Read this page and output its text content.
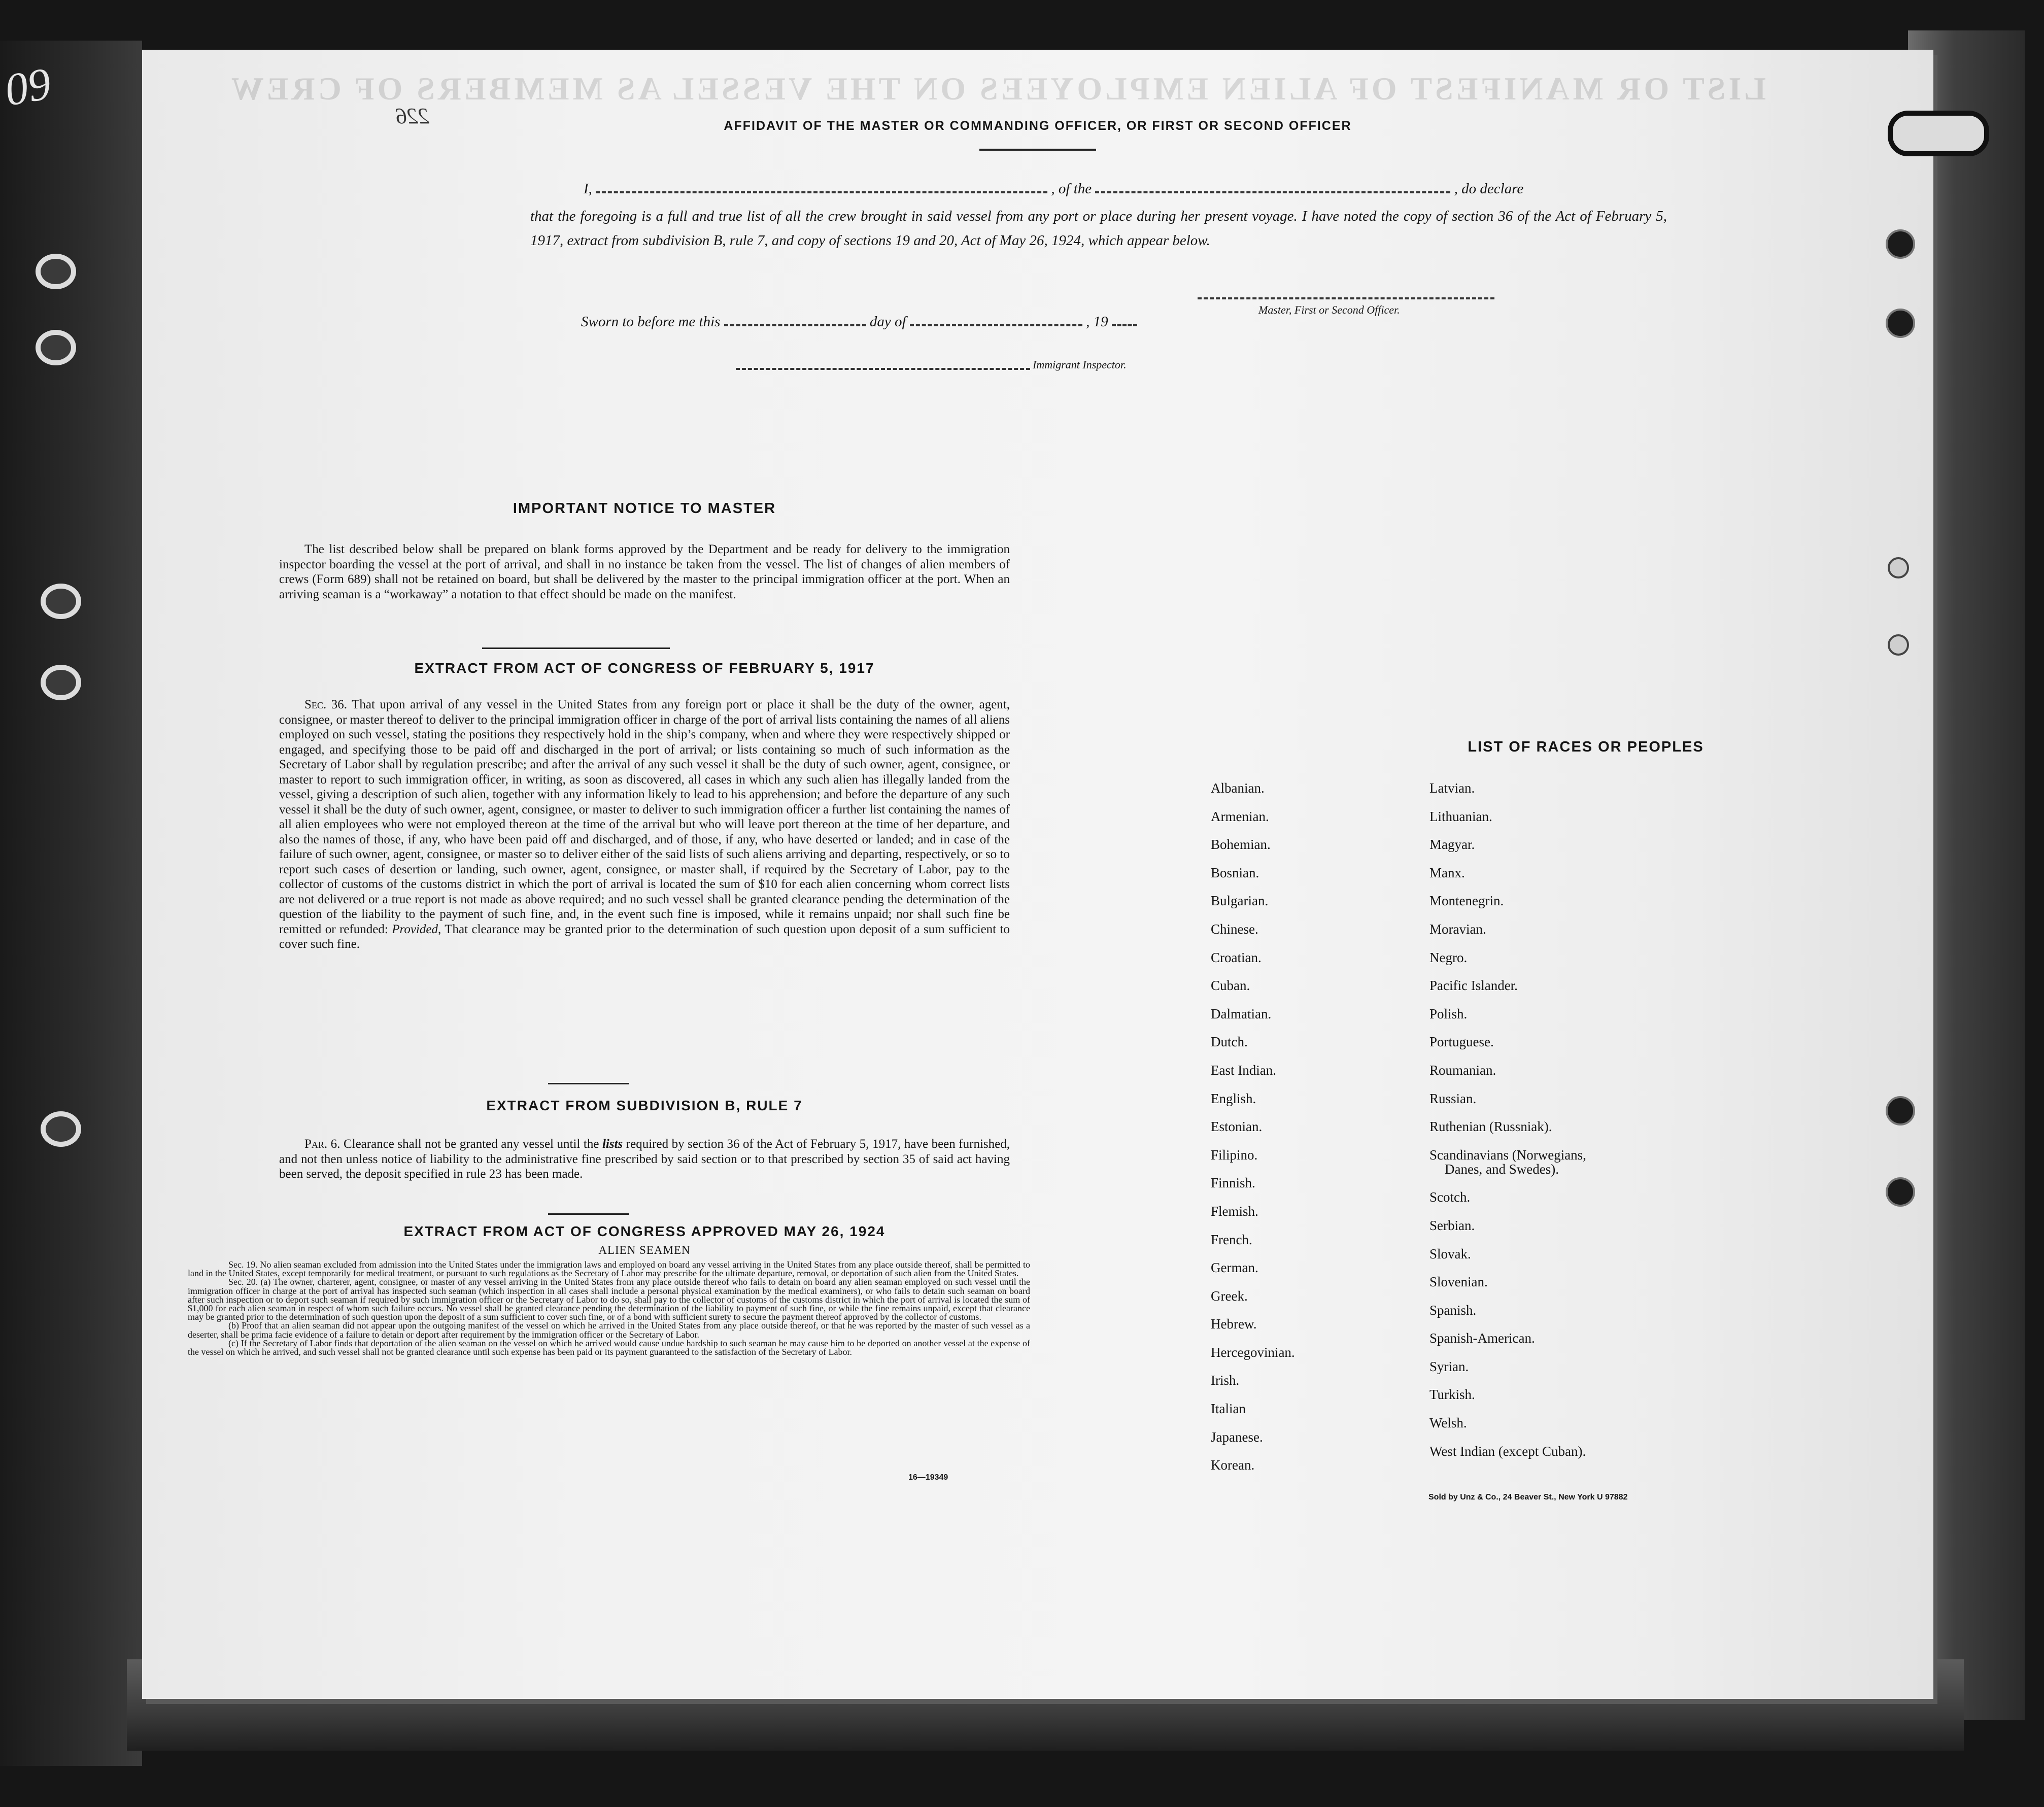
09	LIST OR MANIFEST OF ALIEN EMPLOYEES ON THE VESSEL AS MEMBERS OF CREW
226	AFFIDAVIT OF THE MASTER OR COMMANDING OFFICER, OR FIRST OR SECOND OFFICER
I,	, of the	, do declare
that the foregoing is a full and true list of all the crew brought in said vessel from any port or place during her present voyage. I have noted the copy of section 36 of the Act of February 5, 1917, extract from subdivision B, rule 7, and copy of sections 19 and 20, Act of May 26, 1924, which appear below.
Master, First or Second Officer.
Sworn to before me this	day of	, 19
Immigrant Inspector.
IMPORTANT NOTICE TO MASTER
The list described below shall be prepared on blank forms approved by the Department and be ready for delivery to the immigration inspector boarding the vessel at the port of arrival, and shall in no instance be taken from the vessel. The list of changes of alien members of crews (Form 689) shall not be retained on board, but shall be delivered by the master to the principal immigration officer at the port. When an arriving seaman is a “workaway” a notation to that effect should be made on the manifest.
EXTRACT FROM ACT OF CONGRESS OF FEBRUARY 5, 1917
Sec. 36. That upon arrival of any vessel in the United States from any foreign port or place it shall be the duty of the owner, agent, consignee, or master thereof to deliver to the principal immigration officer in charge of the port of arrival lists containing the names of all aliens employed on such vessel, stating the positions they respectively hold in the ship’s company, when and where they were respectively shipped or engaged, and specifying those to be paid off and discharged in the port of arrival; or lists containing so much of such information as the Secretary of Labor shall by regulation prescribe; and after the arrival of any such vessel it shall be the duty of such owner, agent, consignee, or master to report to such immigration officer, in writing, as soon as discovered, all cases in which any such alien has illegally landed from the vessel, giving a description of such alien, together with any information likely to lead to his apprehension; and before the departure of any such vessel it shall be the duty of such owner, agent, consignee, or master to deliver to such immigration officer a further list containing the names of all alien employees who were not employed thereon at the time of the arrival but who will leave port thereon at the time of her departure, and also the names of those, if any, who have been paid off and discharged, and of those, if any, who have deserted or landed; and in case of the failure of such owner, agent, consignee, or master so to deliver either of the said lists of such aliens arriving and departing, respectively, or so to report such cases of desertion or landing, such owner, agent, consignee, or master shall, if required by the Secretary of Labor, pay to the collector of customs of the customs district in which the port of arrival is located the sum of $10 for each alien concerning whom correct lists are not delivered or a true report is not made as above required; and no such vessel shall be granted clearance pending the determination of the question of the liability to the payment of such fine, and, in the event such fine is imposed, while it remains unpaid; nor shall such fine be remitted or refunded: Provided, That clearance may be granted prior to the determination of such question upon deposit of a sum sufficient to cover such fine.
EXTRACT FROM SUBDIVISION B, RULE 7
Par. 6. Clearance shall not be granted any vessel until the lists required by section 36 of the Act of February 5, 1917, have been furnished, and not then unless notice of liability to the administrative fine prescribed by said section or to that prescribed by section 35 of said act having been served, the deposit specified in rule 23 has been made.
EXTRACT FROM ACT OF CONGRESS APPROVED MAY 26, 1924
ALIEN SEAMEN
Sec. 19. No alien seaman excluded from admission into the United States under the immigration laws and employed on board any vessel arriving in the United States from any place outside thereof, shall be permitted to land in the United States, except temporarily for medical treatment, or pursuant to such regulations as the Secretary of Labor may prescribe for the ultimate departure, removal, or deportation of such alien from the United States.
Sec. 20. (a) The owner, charterer, agent, consignee, or master of any vessel arriving in the United States from any place outside thereof who fails to detain on board any alien seaman employed on such vessel until the immigration officer in charge at the port of arrival has inspected such seaman (which inspection in all cases shall include a personal physical examination by the medical examiners), or who fails to detain such seaman on board after such inspection or to deport such seaman if required by such immigration officer or the Secretary of Labor to do so, shall pay to the collector of customs of the customs district in which the port of arrival is located the sum of $1,000 for each alien seaman in respect of whom such failure occurs. No vessel shall be granted clearance pending the determination of the liability to payment of such fine, or while the fine remains unpaid, except that clearance may be granted prior to the determination of such question upon the deposit of a sum sufficient to cover such fine, or of a bond with sufficient surety to secure the payment thereof approved by the collector of customs.
(b) Proof that an alien seaman did not appear upon the outgoing manifest of the vessel on which he arrived in the United States from any place outside thereof, or that he was reported by the master of such vessel as a deserter, shall be prima facie evidence of a failure to detain or deport after requirement by the immigration officer or the Secretary of Labor.
(c) If the Secretary of Labor finds that deportation of the alien seaman on the vessel on which he arrived would cause undue hardship to such seaman he may cause him to be deported on another vessel at the expense of the vessel on which he arrived, and such vessel shall not be granted clearance until such expense has been paid or its payment guaranteed to the satisfaction of the Secretary of Labor.
16—19349
LIST OF RACES OR PEOPLES
Albanian.
Armenian.
Bohemian.
Bosnian.
Bulgarian.
Chinese.
Croatian.
Cuban.
Dalmatian.
Dutch.
East Indian.
English.
Estonian.
Filipino.
Finnish.
Flemish.
French.
German.
Greek.
Hebrew.
Hercegovinian.
Irish.
Italian
Japanese.
Korean.
Latvian.
Lithuanian.
Magyar.
Manx.
Montenegrin.
Moravian.
Negro.
Pacific Islander.
Polish.
Portuguese.
Roumanian.
Russian.
Ruthenian (Russniak).
Scandinavians (Norwegians,
Danes, and Swedes).
Scotch.
Serbian.
Slovak.
Slovenian.
Spanish.
Spanish-American.
Syrian.
Turkish.
Welsh.
West Indian (except Cuban).
Sold by Unz & Co., 24 Beaver St., New York U 97882
